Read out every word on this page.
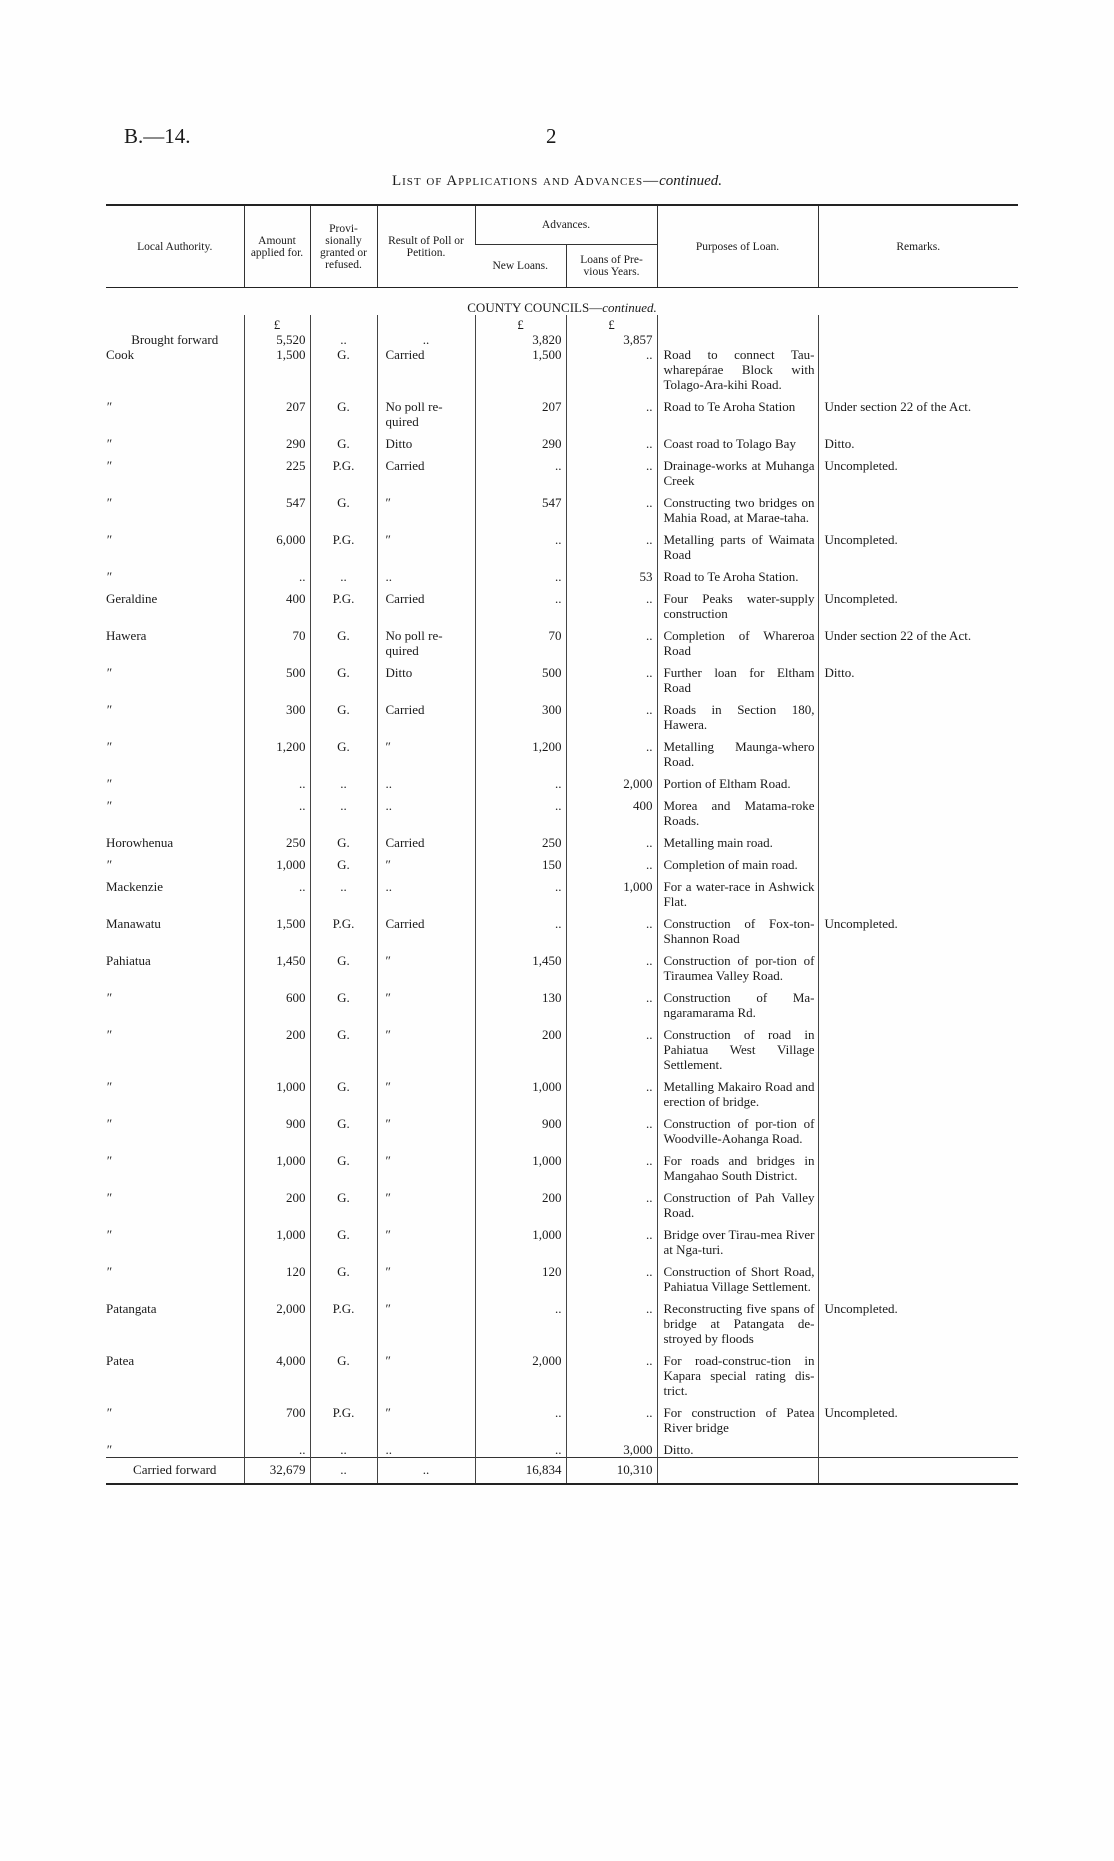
B.—14.	2
List of Applications and Advances—continued.
Local Authority.	Amount applied for.	Provi-sionally granted or refused.	Result of Poll or Petition.	Advances.		Purposes of Loan.	Remarks.
				New Loans.	Loans of Pre-vious Years.		
COUNTY COUNCILS—continued.							
	£			£	£		
Brought forward	5,520	..	..	3,820	3,857		
Cook	1,500	G.	Carried	1,500	..	Road to connect Tau-wharepárae Block with Tolago-Ara-kihi Road.	
″	207	G.	No poll re-quired	207	..	Road to Te Aroha Station	Under section 22 of the Act.
″	290	G.	Ditto	290	..	Coast road to Tolago Bay	Ditto.
″	225	P.G.	Carried	..	..	Drainage-works at Muhanga Creek	Uncompleted.
″	547	G.	″	547	..	Constructing two bridges on Mahia Road, at Marae-taha.	
″	6,000	P.G.	″	..	..	Metalling parts of Waimata Road	Uncompleted.
″	..	..	..	..	53	Road to Te Aroha Station.	
Geraldine	400	P.G.	Carried	..	..	Four Peaks water-supply construction	Uncompleted.
Hawera	70	G.	No poll re-quired	70	..	Completion of Whareroa Road	Under section 22 of the Act.
″	500	G.	Ditto	500	..	Further loan for Eltham Road	Ditto.
″	300	G.	Carried	300	..	Roads in Section 180, Hawera.	
″	1,200	G.	″	1,200	..	Metalling Maunga-whero Road.	
″	..	..	..	..	2,000	Portion of Eltham Road.	
″	..	..	..	..	400	Morea and Matama-roke Roads.	
Horowhenua	250	G.	Carried	250	..	Metalling main road.	
″	1,000	G.	″	150	..	Completion of main road.	
Mackenzie	..	..	..	..	1,000	For a water-race in Ashwick Flat.	
Manawatu	1,500	P.G.	Carried	..	..	Construction of Fox-ton-Shannon Road	Uncompleted.
Pahiatua	1,450	G.	″	1,450	..	Construction of por-tion of Tiraumea Valley Road.	
″	600	G.	″	130	..	Construction of Ma-ngaramarama Rd.	
″	200	G.	″	200	..	Construction of road in Pahiatua West Village Settlement.	
″	1,000	G.	″	1,000	..	Metalling Makairo Road and erection of bridge.	
″	900	G.	″	900	..	Construction of por-tion of Woodville-Aohanga Road.	
″	1,000	G.	″	1,000	..	For roads and bridges in Mangahao South District.	
″	200	G.	″	200	..	Construction of Pah Valley Road.	
″	1,000	G.	″	1,000	..	Bridge over Tirau-mea River at Nga-turi.	
″	120	G.	″	120	..	Construction of Short Road, Pahiatua Village Settlement.	
Patangata	2,000	P.G.	″	..	..	Reconstructing five spans of bridge at Patangata de-stroyed by floods	Uncompleted.
Patea	4,000	G.	″	2,000	..	For road-construc-tion in Kapara special rating dis-trict.	
″	700	P.G.	″	..	..	For construction of Patea River bridge	Uncompleted.
″	..	..	..	..	3,000	Ditto.	
Carried forward	32,679	..	..	16,834	10,310		
